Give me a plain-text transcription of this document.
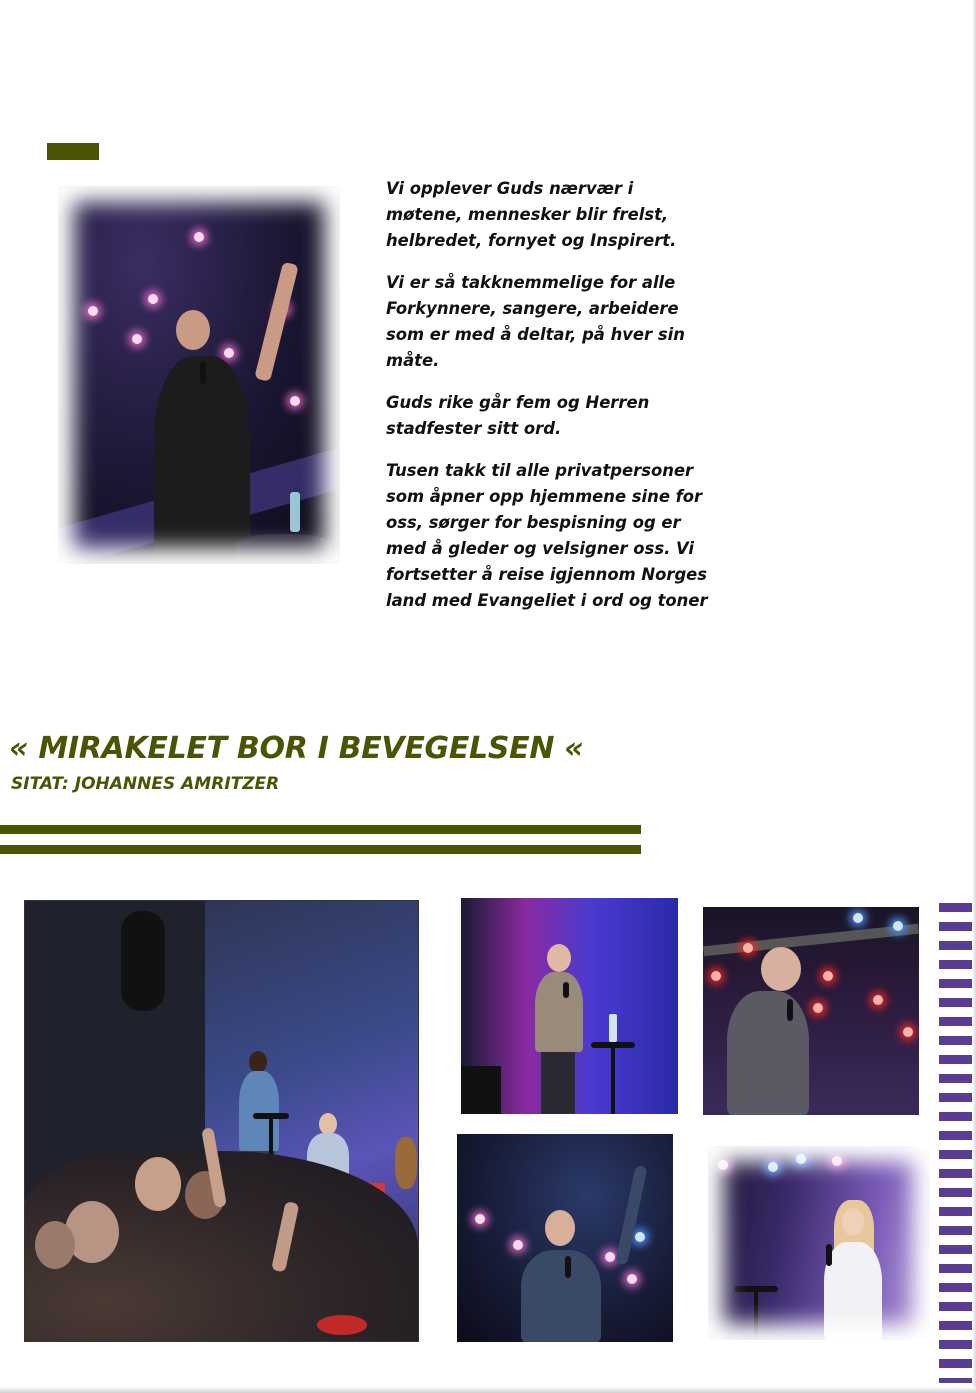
Vi opplever Guds nærvær i møtene, mennesker blir frelst, helbredet, fornyet og Inspirert.

Vi er så takknemmelige for alle Forkynnere, sangere, arbeidere som er med å deltar, på hver sin måte.

Guds rike går fem og Herren stadfester sitt ord.

Tusen takk til alle privatpersoner som åpner opp hjemmene sine for oss, sørger for bespisning og er med å gleder og velsigner oss. Vi fortsetter å reise igjennom Norges land med Evangeliet i ord og toner

« MIRAKELET BOR I BEVEGELSEN «

SITAT: JOHANNES AMRITZER
